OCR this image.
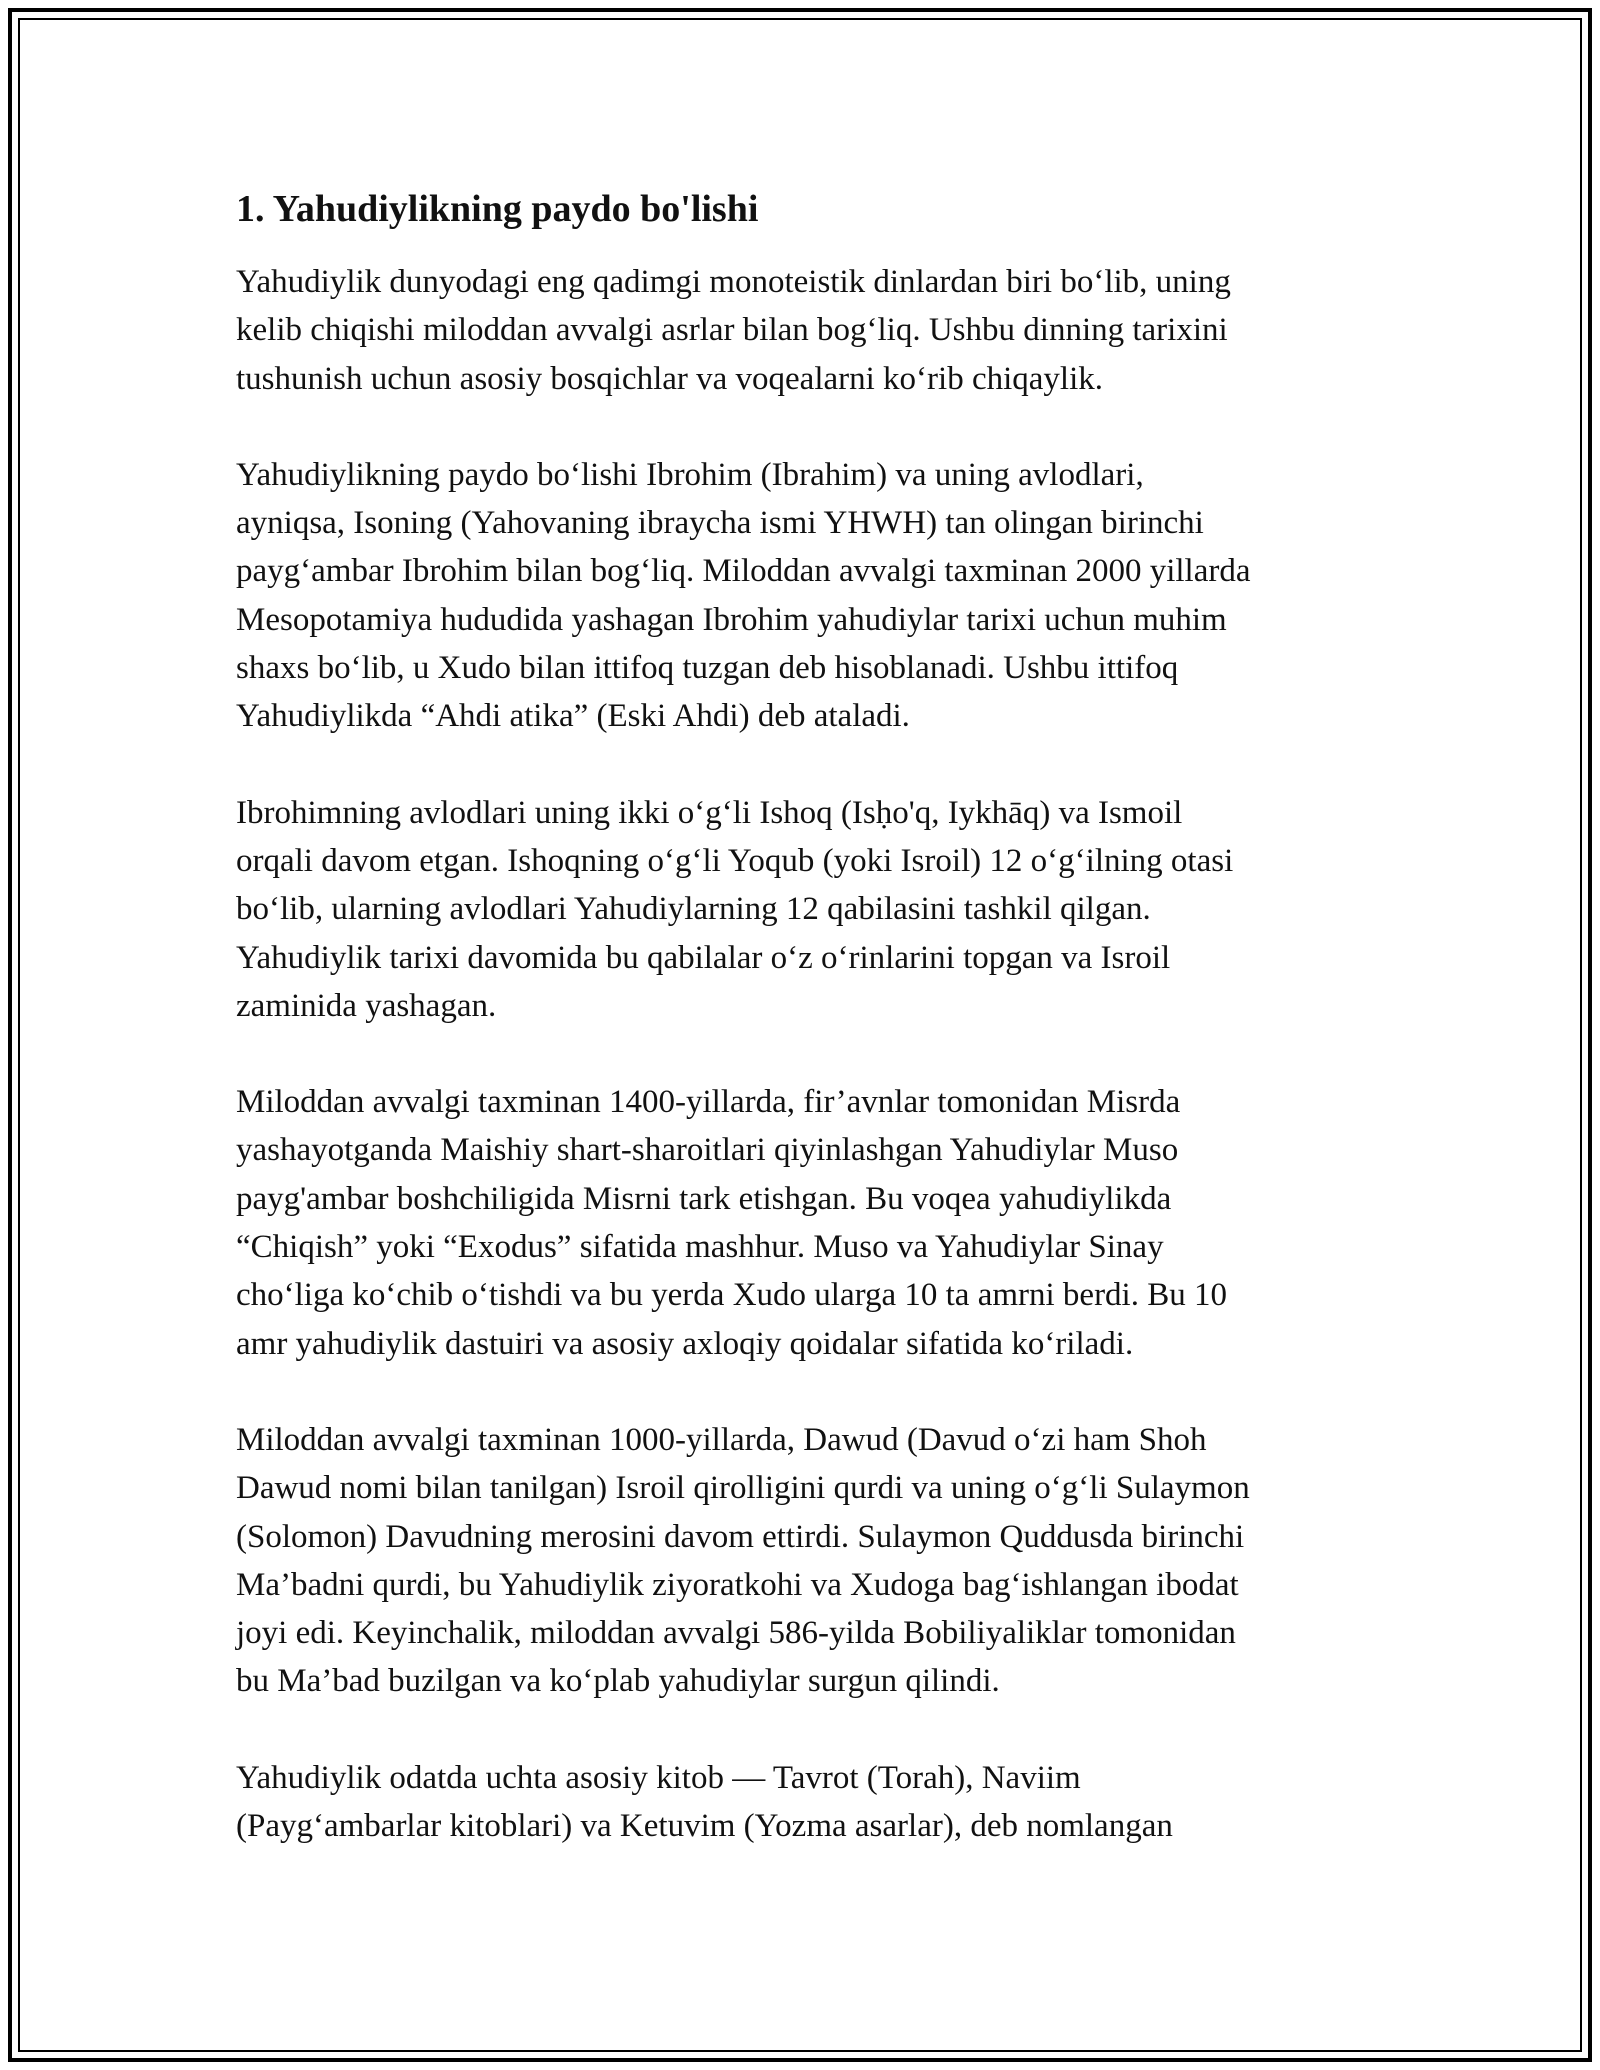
1. Yahudiylikning paydo bo'lishi

Yahudiylik dunyodagi eng qadimgi monoteistik dinlardan biri bo‘lib, uning
kelib chiqishi miloddan avvalgi asrlar bilan bog‘liq. Ushbu dinning tarixini
tushunish uchun asosiy bosqichlar va voqealarni ko‘rib chiqaylik.

Yahudiylikning paydo bo‘lishi Ibrohim (Ibrahim) va uning avlodlari,
ayniqsa, Isoning (Yahovaning ibraycha ismi YHWH) tan olingan birinchi
payg‘ambar Ibrohim bilan bog‘liq. Miloddan avvalgi taxminan 2000 yillarda
Mesopotamiya hududida yashagan Ibrohim yahudiylar tarixi uchun muhim
shaxs bo‘lib, u Xudo bilan ittifoq tuzgan deb hisoblanadi. Ushbu ittifoq
Yahudiylikda “Ahdi atika” (Eski Ahdi) deb ataladi.

Ibrohimning avlodlari uning ikki o‘g‘li Ishoq (Isḥo'q, Iykhāq) va Ismoil
orqali davom etgan. Ishoqning o‘g‘li Yoqub (yoki Isroil) 12 o‘g‘ilning otasi
bo‘lib, ularning avlodlari Yahudiylarning 12 qabilasini tashkil qilgan.
Yahudiylik tarixi davomida bu qabilalar o‘z o‘rinlarini topgan va Isroil
zaminida yashagan.

Miloddan avvalgi taxminan 1400-yillarda, fir’avnlar tomonidan Misrda
yashayotganda Maishiy shart-sharoitlari qiyinlashgan Yahudiylar Muso
payg'ambar boshchiligida Misrni tark etishgan. Bu voqea yahudiylikda
“Chiqish” yoki “Exodus” sifatida mashhur. Muso va Yahudiylar Sinay
cho‘liga ko‘chib o‘tishdi va bu yerda Xudo ularga 10 ta amrni berdi. Bu 10
amr yahudiylik dastuiri va asosiy axloqiy qoidalar sifatida ko‘riladi.

Miloddan avvalgi taxminan 1000-yillarda, Dawud (Davud o‘zi ham Shoh
Dawud nomi bilan tanilgan) Isroil qirolligini qurdi va uning o‘g‘li Sulaymon
(Solomon) Davudning merosini davom ettirdi. Sulaymon Quddusda birinchi
Ma’badni qurdi, bu Yahudiylik ziyoratkohi va Xudoga bag‘ishlangan ibodat
joyi edi. Keyinchalik, miloddan avvalgi 586-yilda Bobiliyaliklar tomonidan
bu Ma’bad buzilgan va ko‘plab yahudiylar surgun qilindi.

Yahudiylik odatda uchta asosiy kitob — Tavrot (Torah), Naviim
(Payg‘ambarlar kitoblari) va Ketuvim (Yozma asarlar), deb nomlangan
